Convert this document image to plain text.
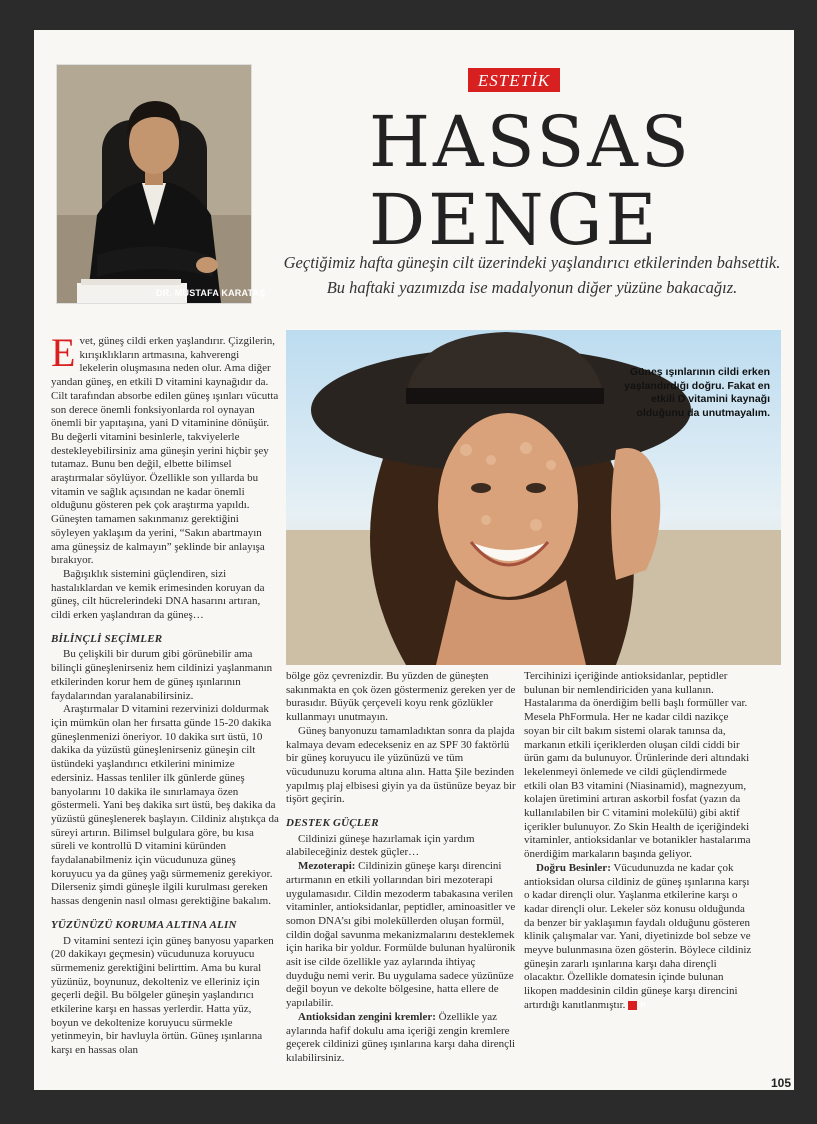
DR. MUSTAFA KARATAŞ
ESTETİK
HASSAS
DENGE
Geçtiğimiz hafta güneşin cilt üzerindeki yaşlandırıcı etkilerinden bahsettik. Bu haftaki yazımızda ise madalyonun diğer yüzüne bakacağız.
Güneş ışınlarının cildi erken yaşlandırdığı doğru. Fakat en etkili D vitamini kaynağı olduğunu da unutmayalım.

Evet, güneş cildi erken yaşlandırır. Çizgilerin, kırışıklıkların artmasına, kahverengi lekelerin oluşmasına neden olur. Ama diğer yandan güneş, en etkili D vitamini kaynağıdır da. Cilt tarafından absorbe edilen güneş ışınları vücutta son derece önemli fonksiyonlarda rol oynayan önemli bir yapıtaşına, yani D vitaminine dönüşür. Bu değerli vitamini besinlerle, takviyelerle destekleyebilirsiniz ama güneşin yerini hiçbir şey tutamaz. Bunu ben değil, elbette bilimsel araştırmalar söylüyor. Özellikle son yıllarda bu vitamin ve sağlık açısından ne kadar önemli olduğunu gösteren pek çok araştırma yapıldı. Güneşten tamamen sakınmanız gerektiğini söyleyen yaklaşım da yerini, “Sakın abartmayın ama güneşsiz de kalmayın” şeklinde bir anlayışa bırakıyor.

Bağışıklık sistemini güçlendiren, sizi hastalıklardan ve kemik erimesinden koruyan da güneş, cilt hücrelerindeki DNA hasarını artıran, cildi erken yaşlandıran da güneş…

BİLİNÇLİ SEÇİMLER

Bu çelişkili bir durum gibi görünebilir ama bilinçli güneşlenirseniz hem cildinizi yaşlanmanın etkilerinden korur hem de güneş ışınlarının faydalarından yaralanabilirsiniz.

Araştırmalar D vitamini rezervinizi doldurmak için mümkün olan her fırsatta günde 15-20 dakika güneşlenmenizi öneriyor. 10 dakika sırt üstü, 10 dakika da yüzüstü güneşlenirseniz güneşin cilt üstündeki yaşlandırıcı etkilerini minimize edersiniz. Hassas tenliler ilk günlerde güneş banyolarını 10 dakika ile sınırlamaya özen göstermeli. Yani beş dakika sırt üstü, beş dakika da yüzüstü güneşlenerek başlayın. Cildiniz alıştıkça da süreyi artırın. Bilimsel bulgulara göre, bu kısa süreli ve kontrollü D vitamini küründen faydalanabilmeniz için vücudunuza güneş koruyucu ya da güneş yağı sürmemeniz gerekiyor. Dilerseniz şimdi güneşle ilgili kurulması gereken hassas dengenin nasıl olması gerektiğine bakalım.

YÜZÜNÜZÜ KORUMA ALTINA ALIN

D vitamini sentezi için güneş banyosu yaparken (20 dakikayı geçmesin) vücudunuza koruyucu sürmemeniz gerektiğini belirttim. Ama bu kural yüzünüz, boynunuz, dekolteniz ve elleriniz için geçerli değil. Bu bölgeler güneşin yaşlandırıcı etkilerine karşı en hassas yerlerdir. Hatta yüz, boyun ve dekoltenize koruyucu sürmekle yetinmeyin, bir havluyla örtün. Güneş ışınlarına karşı en hassas olan

bölge göz çevrenizdir. Bu yüzden de güneşten sakınmakta en çok özen göstermeniz gereken yer de burasıdır. Büyük çerçeveli koyu renk gözlükler kullanmayı unutmayın.

Güneş banyonuzu tamamladıktan sonra da plajda kalmaya devam edecekseniz en az SPF 30 faktörlü bir güneş koruyucu ile yüzünüzü ve tüm vücudunuzu koruma altına alın. Hatta Şile bezinden yapılmış plaj elbisesi giyin ya da üstünüze beyaz bir tişört geçirin.

DESTEK GÜÇLER

Cildinizi güneşe hazırlamak için yardım alabileceğiniz destek güçler…

Mezoterapi: Cildinizin güneşe karşı direncini artırmanın en etkili yollarından biri mezoterapi uygulamasıdır. Cildin mezoderm tabakasına verilen vitaminler, antioksidanlar, peptidler, aminoasitler ve somon DNA’sı gibi moleküllerden oluşan formül, cildin doğal savunma mekanizmalarını desteklemek için harika bir yoldur. Formülde bulunan hyalüronik asit ise cilde özellikle yaz aylarında ihtiyaç duyduğu nemi verir. Bu uygulama sadece yüzünüze değil boyun ve dekolte bölgesine, hatta ellere de yapılabilir.

Antioksidan zengini kremler: Özellikle yaz aylarında hafif dokulu ama içeriği zengin kremlere geçerek cildinizi güneş ışınlarına karşı daha dirençli kılabilirsiniz.

Tercihinizi içeriğinde antioksidanlar, peptidler bulunan bir nemlendiriciden yana kullanın. Hastalarıma da önerdiğim belli başlı formüller var. Mesela PhFormula. Her ne kadar cildi nazikçe soyan bir cilt bakım sistemi olarak tanınsa da, markanın etkili içeriklerden oluşan cildi ciddi bir ürün gamı da bulunuyor. Ürünlerinde deri altındaki lekelenmeyi önlemede ve cildi güçlendirmede etkili olan B3 vitamini (Niasinamid), magnezyum, kolajen üretimini artıran askorbil fosfat (yazın da kullanılabilen bir C vitamini molekülü) gibi aktif içerikler bulunuyor. Zo Skin Health de içeriğindeki vitaminler, antioksidanlar ve botanikler hastalarıma önerdiğim markaların başında geliyor.

Doğru Besinler: Vücudunuzda ne kadar çok antioksidan olursa cildiniz de güneş ışınlarına karşı o kadar dirençli olur. Yaşlanma etkilerine karşı o kadar dirençli olur. Lekeler söz konusu olduğunda da benzer bir yaklaşımın faydalı olduğunu gösteren klinik çalışmalar var. Yani, diyetinizde bol sebze ve meyve bulunmasına özen gösterin. Böylece cildiniz güneşin zararlı ışınlarına karşı daha dirençli olacaktır. Özellikle domatesin içinde bulunan likopen maddesinin cildin güneşe karşı direncini artırdığı kanıtlanmıştır. H

105
